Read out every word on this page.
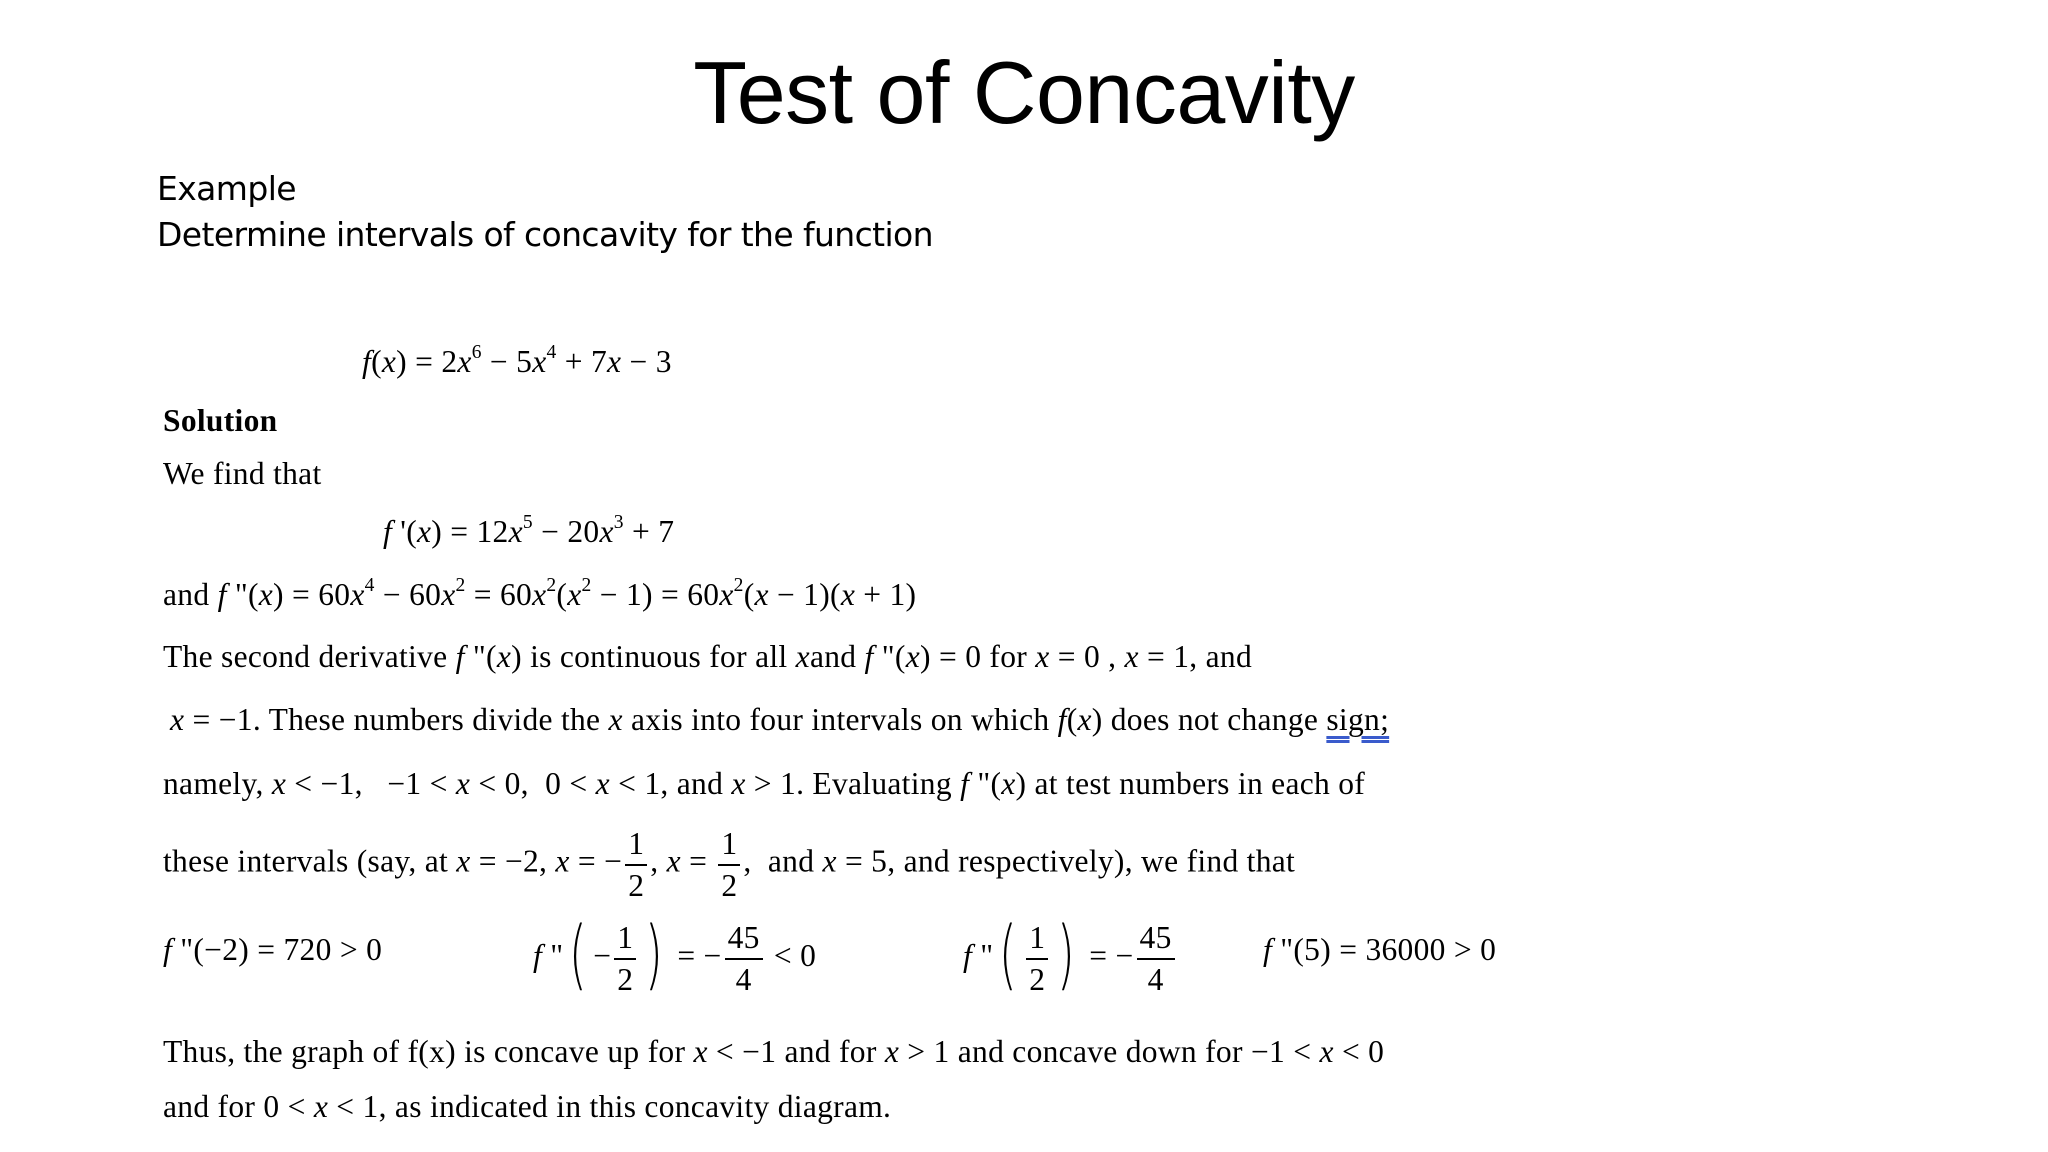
Test of Concavity
Example
Determine intervals of concavity for the function
$f(x) = 2x^6 - 5x^4 + 7x - 3$
Solution
We find that
f '$(x) = 12x^5 - 20x^3 + 7$
and f "$(x) = 60x^4 - 60x^2 = 60x^2(x^2 - 1) = 60x^2(x - 1)(x + 1)$
The second derivative f "(x) is continuous for all xand f "(x) = 0 for x = 0 , x = 1, and
x = −1. These numbers divide the x axis into four intervals on which f(x) does not change sign;
namely, x < −1,   −1 < x < 0,  0 < x < 1, and x > 1. Evaluating f "(x) at test numbers in each of
these intervals (say, at x = −2, x = − $\frac{1}{2}$ , $x = \frac{1}{2}$ ,  and x = 5, and respectively), we find that
f "(−2) = 720 > 0	f "( − $\frac{1}{2}$ ) = − $\frac{45}{4} < 0$	f "( $\frac{1}{2}$ ) = − $\frac{45}{4}$	f "(5) = 36000 > 0
Thus, the graph of f(x) is concave up for x < −1 and for x > 1 and concave down for −1 < x < 0
and for 0 < x < 1, as indicated in this concavity diagram.
